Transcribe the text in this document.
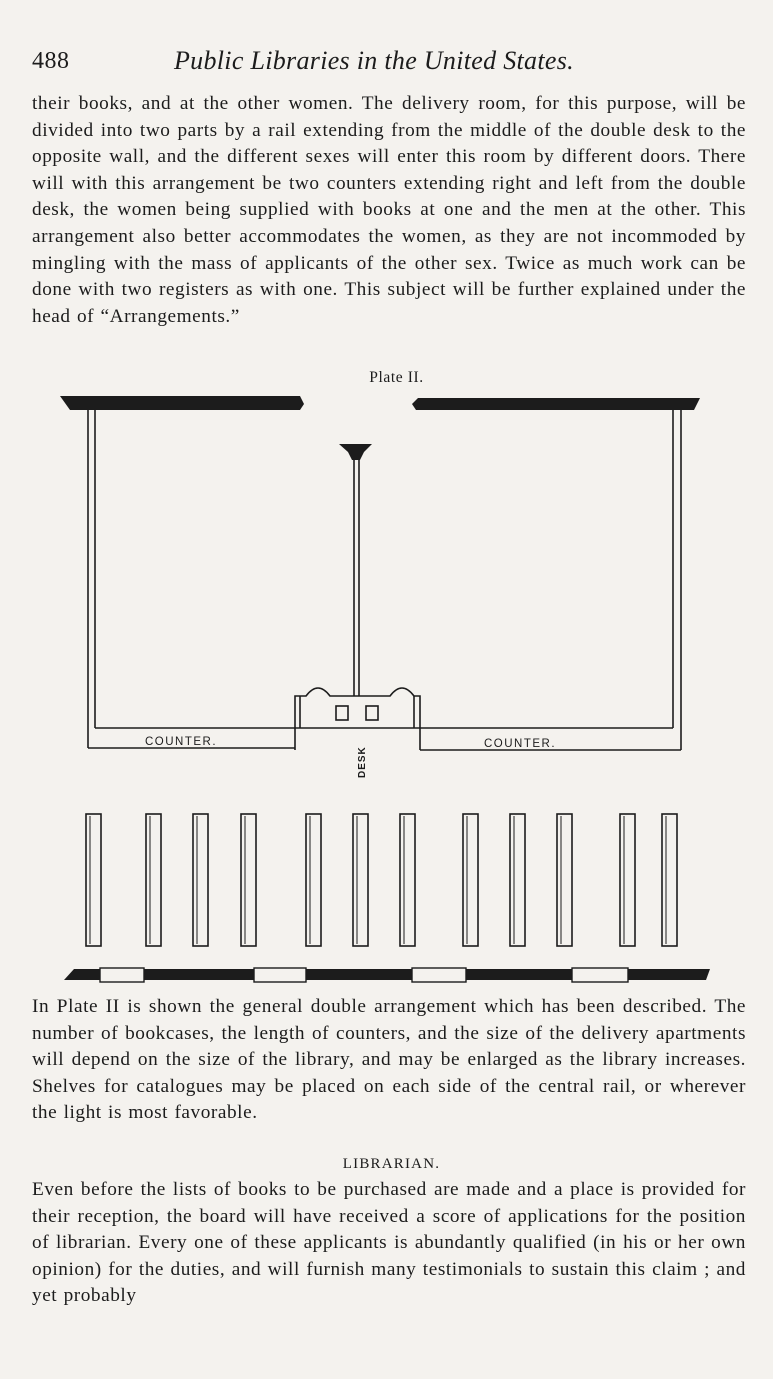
488	Public Libraries in the United States.

their books, and at the other women. The delivery room, for this purpose, will be divided into two parts by a rail extending from the middle of the double desk to the opposite wall, and the different sexes will enter this room by different doors. There will with this arrangement be two counters extending right and left from the double desk, the women being supplied with books at one and the men at the other. This arrangement also better accommodates the women, as they are not incommoded by mingling with the mass of applicants of the other sex. Twice as much work can be done with two registers as with one. This subject will be further explained under the head of “Arrangements.”

Plate II.
COUNTER.	COUNTER.
DESK

In Plate II is shown the general double arrangement which has been described. The number of bookcases, the length of counters, and the size of the delivery apartments will depend on the size of the library, and may be enlarged as the library increases. Shelves for catalogues may be placed on each side of the central rail, or wherever the light is most favorable.

LIBRARIAN.

Even before the lists of books to be purchased are made and a place is provided for their reception, the board will have received a score of applications for the position of librarian. Every one of these applicants is abundantly qualified (in his or her own opinion) for the duties, and will furnish many testimonials to sustain this claim ; and yet probably
